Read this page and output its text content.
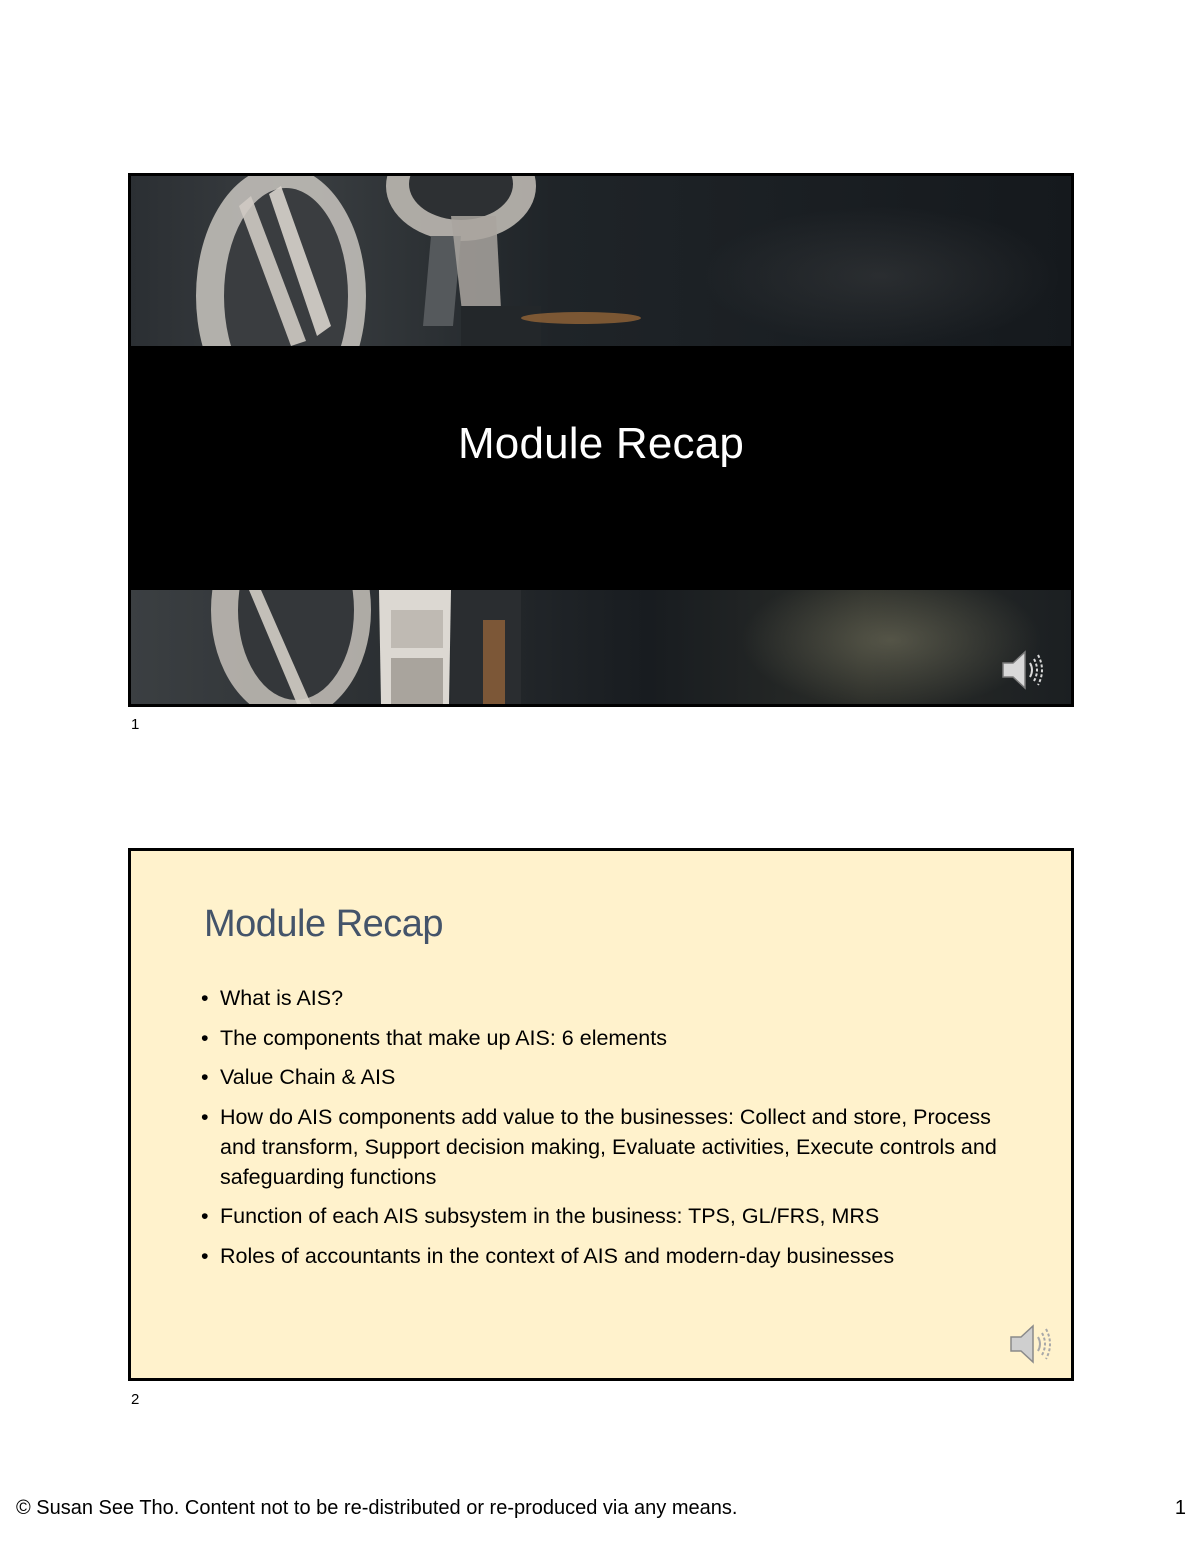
Module Recap
1
Module Recap
• What is AIS?
• The components that make up AIS: 6 elements
• Value Chain & AIS
• How do AIS components add value to the businesses: Collect and store, Process and transform, Support decision making, Evaluate activities, Execute controls and safeguarding functions
• Function of each AIS subsystem in the business: TPS, GL/FRS, MRS
• Roles of accountants in the context of AIS and modern-day businesses
2
© Susan See Tho. Content not to be re-distributed or re-produced via any means.	1
